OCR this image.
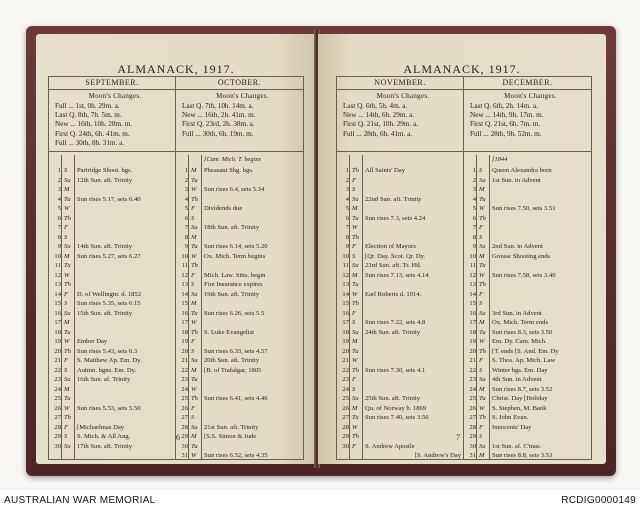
ALMANACK, 1917.
SEPTEMBER.
Moon's Changes.
Full ... 1st, 0h. 29m. a.
Last Q. 8th, 7h. 5m. m.
New ... 16th, 10h. 28m. m.
First Q. 24th, 6h. 41m. m.
Full ... 30th, 8h. 31m. a.
1 S	Partridge Shoot. bgs.
2 Su 12th Sun. aft. Trinity
3 M
4 Tu Sun rises 5.17, sets 6.40
5 W
6 Th
7 F
8 S
9 Su 14th Sun. aft. Trinity
10 M	Sun rises 5.27, sets 6.27
11 Tu
12 W
13 Th
14 F	D. of Wellingtn. d. 1852
15 S	Sun rises 5.35, sets 6.15
16 Su 15th Sun. aft. Trinity
17 M
18 Tu
19 W	Ember Day
20 Th Sun rises 5.43, sets 6.3
21 F	S. Matthew Ap. Em. Dy.
22 S	Autmn. bgns. Em. Dy.
23 Su 16th Sun. af. Trinity
24 M
25 Tu
26 W	Sun rises 5.53, sets 5.50
27 Th
28 F	[Michaelmas Day
29 S	S. Mich. & All Ang.
30 Su 17th Sun. aft. Trinity
OCTOBER.
Moon's Changes.
Last Q. 7th, 10h. 14m. a.
New ... 16th, 2h. 41m. m.
First Q. 23rd, 2h. 38m. a.
Full ... 30th, 6h. 19m. m.
[Cam. Mich. T. begins
1 M	Pheasant Shg. bgs.
2 Tu
3 W	Sun rises 6.4, sets 5.34
4 Th
5 F	Dividends due
6 S
7 Su 18th Sun. aft. Trinity
8 M
9 Tu Sun rises 6.14, sets 5.20
10 W	Ox. Mich. Term begins
11 Th
12 F	Mich. Law. Sitts. begin
13 S	Fire Insurance expires
14 Su 19th Sun. aft. Trinity
15 M
16 Tu Sun rises 6.26, sets 5.5
17 W
18 Th S. Luke Evangelist
19 F
20 S	Sun rises 6.33, sets 4.57
21 Su 20th Sun. aft. Trinity
22 M	[B. of Trafalgar, 1805
23 Tu
24 W
25 Th Sun rises 6.41, sets 4.46
26 F
27 S
28 Su 21st Sun. aft. Trinity
29 M	[S.S. Simon & Jude
30 Tu
31 W	Sun rises 6.52, sets 4.35
6
ALMANACK, 1917.
NOVEMBER.
Moon's Changes.
Last Q. 6th, 5h. 4m. a.
New ... 14th, 6h. 29m. a.
First Q. 21st, 10h. 29m. a.
Full ... 28th, 6h. 41m. a.
1 Th All Saints' Day
2 F
3 S
4 Su 22nd Sun. aft. Trinity
5 M
6 Tu Sun rises 7.3, sets 4.24
7 W
8 Th
9 F	Election of Mayors
10 S	[Qr. Day. Scot. Qr. Dy.
11 Su 23rd Sun. aft. Tr. Hil.
12 M	Sun rises 7.13, sets 4.14
13 Tu
14 W	Earl Roberts d. 1914.
15 Th
16 F
17 S	Sun rises 7.22, sets 4.8
18 Su 24th Sun. aft. Trinity
19 M
20 Tu
21 W
22 Th Sun rises 7.30, sets 4.1
23 F
24 S
25 Su 25th Sun. aft. Trinity
26 M	Qu. of Norway b. 1869
27 Tu Sun rises 7.40, sets 3.56
28 W
29 Th
30 F	S. Andrew Apostle
[S. Andrew's Day
DECEMBER.
Moon's Changes.
Last Q. 6th, 2h. 14m. a.
New ... 14th, 9h. 17m. m.
First Q. 21st, 6h. 7m. m.
Full ... 28th, 9h. 52m. m.
[1844
1 S	Queen Alexandra born
2 Su 1st Sun. in Advent
3 M
4 Tu
5 W	Sun rises 7.50, sets 3.51
6 Th
7 F
8 S
9 Su 2nd Sun. in Advent
10 M	Grouse Shooting ends
11 Tu
12 W	Sun rises 7.58, sets 3.49
13 Th
14 F
15 S
16 Su 3rd Sun. in Advent
17 M	Ox. Mich. Term ends
18 Tu Sun rises 8.3, sets 3.50
19 W	Em. Dy. Cam. Mich.
20 Th [T. ends [S. And. Em. Dy
21 F	S. Thos. Ap. Mich. Law
22 S	Winter bgs. Em. Day
23 Su 4th Sun. in Advent
24 M	Sun rises 8.7, sets 3.52
25 Tu Christ. Day [Holiday
26 W	S. Stephen, M. Bank
27 Th S. John Evan.
28 F	Innocents' Day
29 S
30 Su 1st Sun. af. C'mas.
31 M	Sun rises 8.8, sets 3.53
7
AUSTRALIAN WAR MEMORIAL	RCDIG0000149
